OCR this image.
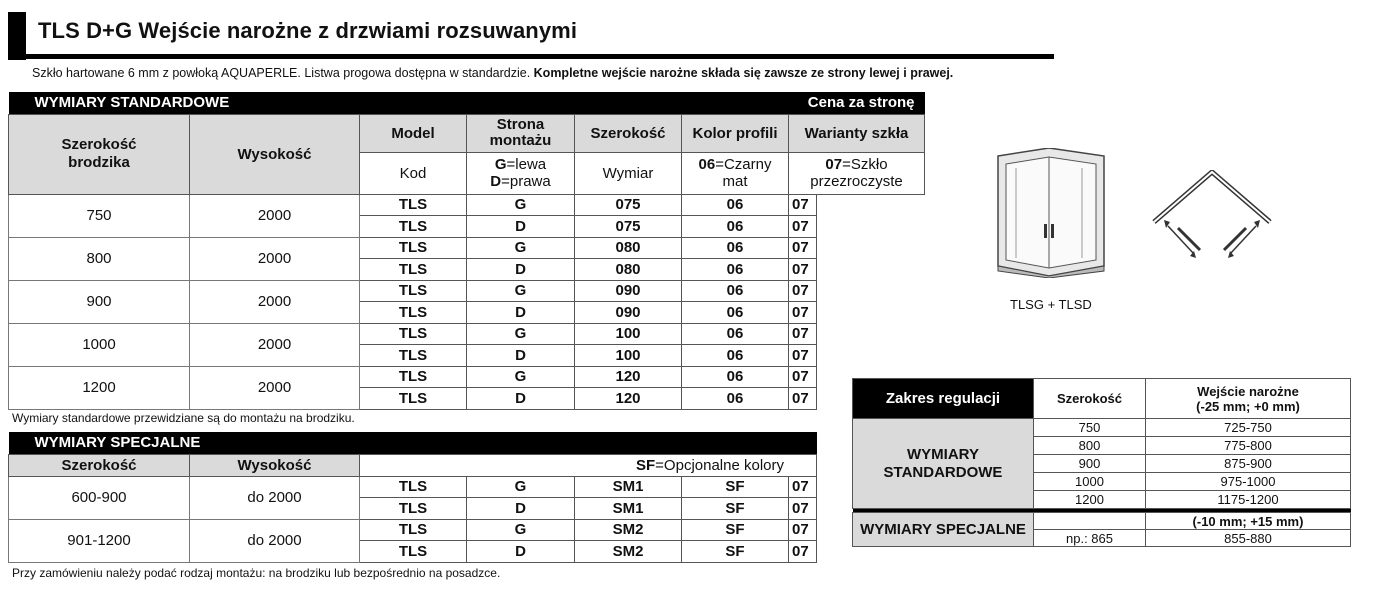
TLS D+G Wejście narożne z drzwiami rozsuwanymi
Szkło hartowane 6 mm z powłoką AQUAPERLE. Listwa progowa dostępna w standardzie. Kompletne wejście narożne składa się zawsze ze strony lewej i prawej.
WYMIARY STANDARDOWE					Cena za stronę		
Szerokość brodzika	Wysokość	Model	Strona montażu	Szerokość	Kolor profili	Warianty szkła	
		Kod	G=lewa
D=prawa	Wymiar	06=Czarny mat	07=Szkło przezroczyste	
750	2000	TLS	G	075	06	07	
		TLS	D	075	06	07	
800	2000	TLS	G	080	06	07	
		TLS	D	080	06	07	
900	2000	TLS	G	090	06	07	
		TLS	D	090	06	07	
1000	2000	TLS	G	100	06	07	
		TLS	D	100	06	07	
1200	2000	TLS	G	120	06	07	
		TLS	D	120	06	07	
Wymiary standardowe przewidziane są do montażu na brodziku.
WYMIARY SPECJALNE						
Szerokość	Wysokość	SF=Opcjonalne kolory				
600-900	do 2000	TLS	G	SM1	SF	07
		TLS	D	SM1	SF	07
901-1200	do 2000	TLS	G	SM2	SF	07
		TLS	D	SM2	SF	07
Przy zamówieniu należy podać rodzaj montażu: na brodziku lub bezpośrednio na posadzce.
TLSG + TLSD
Zakres regulacji	Szerokość	Wejście narożne
(-25 mm; +0 mm)
WYMIARY STANDARDOWE	750	725-750
	800	775-800
	900	875-900
	1000	975-1000
	1200	1175-1200

WYMIARY SPECJALNE		(-10 mm; +15 mm)
	np.: 865	855-880
